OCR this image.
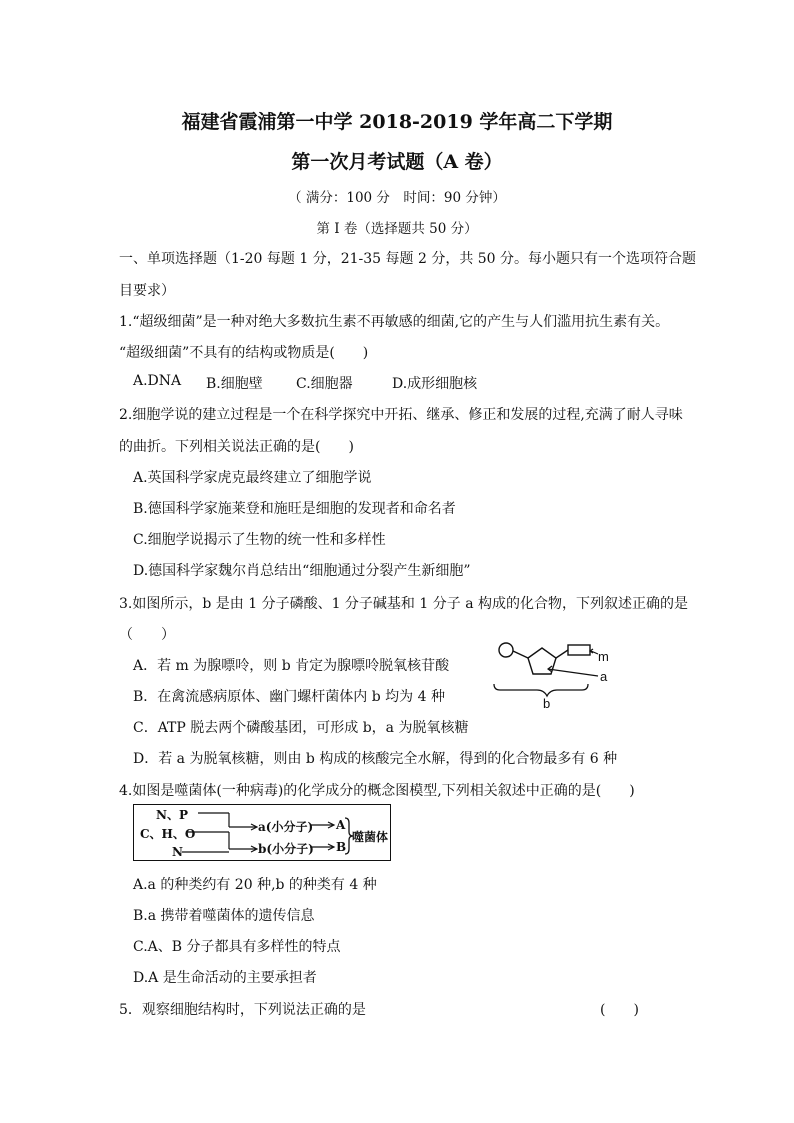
福建省霞浦第一中学 2018-2019 学年高二下学期
第一次月考试题（A 卷）
（ 满分：100 分　时间：90 分钟）
第 I 卷（选择题共 50 分）
一、单项选择题（1-20 每题 1 分，21-35 每题 2 分，共 50 分。每小题只有一个选项符合题
目要求）
1.“超级细菌”是一种对绝大多数抗生素不再敏感的细菌,它的产生与人们滥用抗生素有关。
“超级细菌”不具有的结构或物质是(　　)
A.DNA B.细胞壁 C.细胞器	D.成形细胞核
2.细胞学说的建立过程是一个在科学探究中开拓、继承、修正和发展的过程,充满了耐人寻味
的曲折。下列相关说法正确的是(　　)
A.英国科学家虎克最终建立了细胞学说
B.德国科学家施莱登和施旺是细胞的发现者和命名者
C.细胞学说揭示了生物的统一性和多样性
D.德国科学家魏尔肖总结出“细胞通过分裂产生新细胞”
3.如图所示，b 是由 1 分子磷酸、1 分子碱基和 1 分子 a 构成的化合物，下列叙述正确的是
（　　）
A．若 m 为腺嘌呤，则 b 肯定为腺嘌呤脱氧核苷酸
B．在禽流感病原体、幽门螺杆菌体内 b 均为 4 种
C．ATP 脱去两个磷酸基团，可形成 b，a 为脱氧核糖
D．若 a 为脱氧核糖，则由 b 构成的核酸完全水解，得到的化合物最多有 6 种
m
a
b
4.如图是噬菌体(一种病毒)的化学成分的概念图模型,下列相关叙述中正确的是(　　)
N、P
C、H、O
N
a(小分子)
b(小分子)
A
B
噬菌体
A.a 的种类约有 20 种,b 的种类有 4 种
B.a 携带着噬菌体的遗传信息
C.A、B 分子都具有多样性的特点
D.A 是生命活动的主要承担者
5．观察细胞结构时，下列说法正确的是	(　　)
